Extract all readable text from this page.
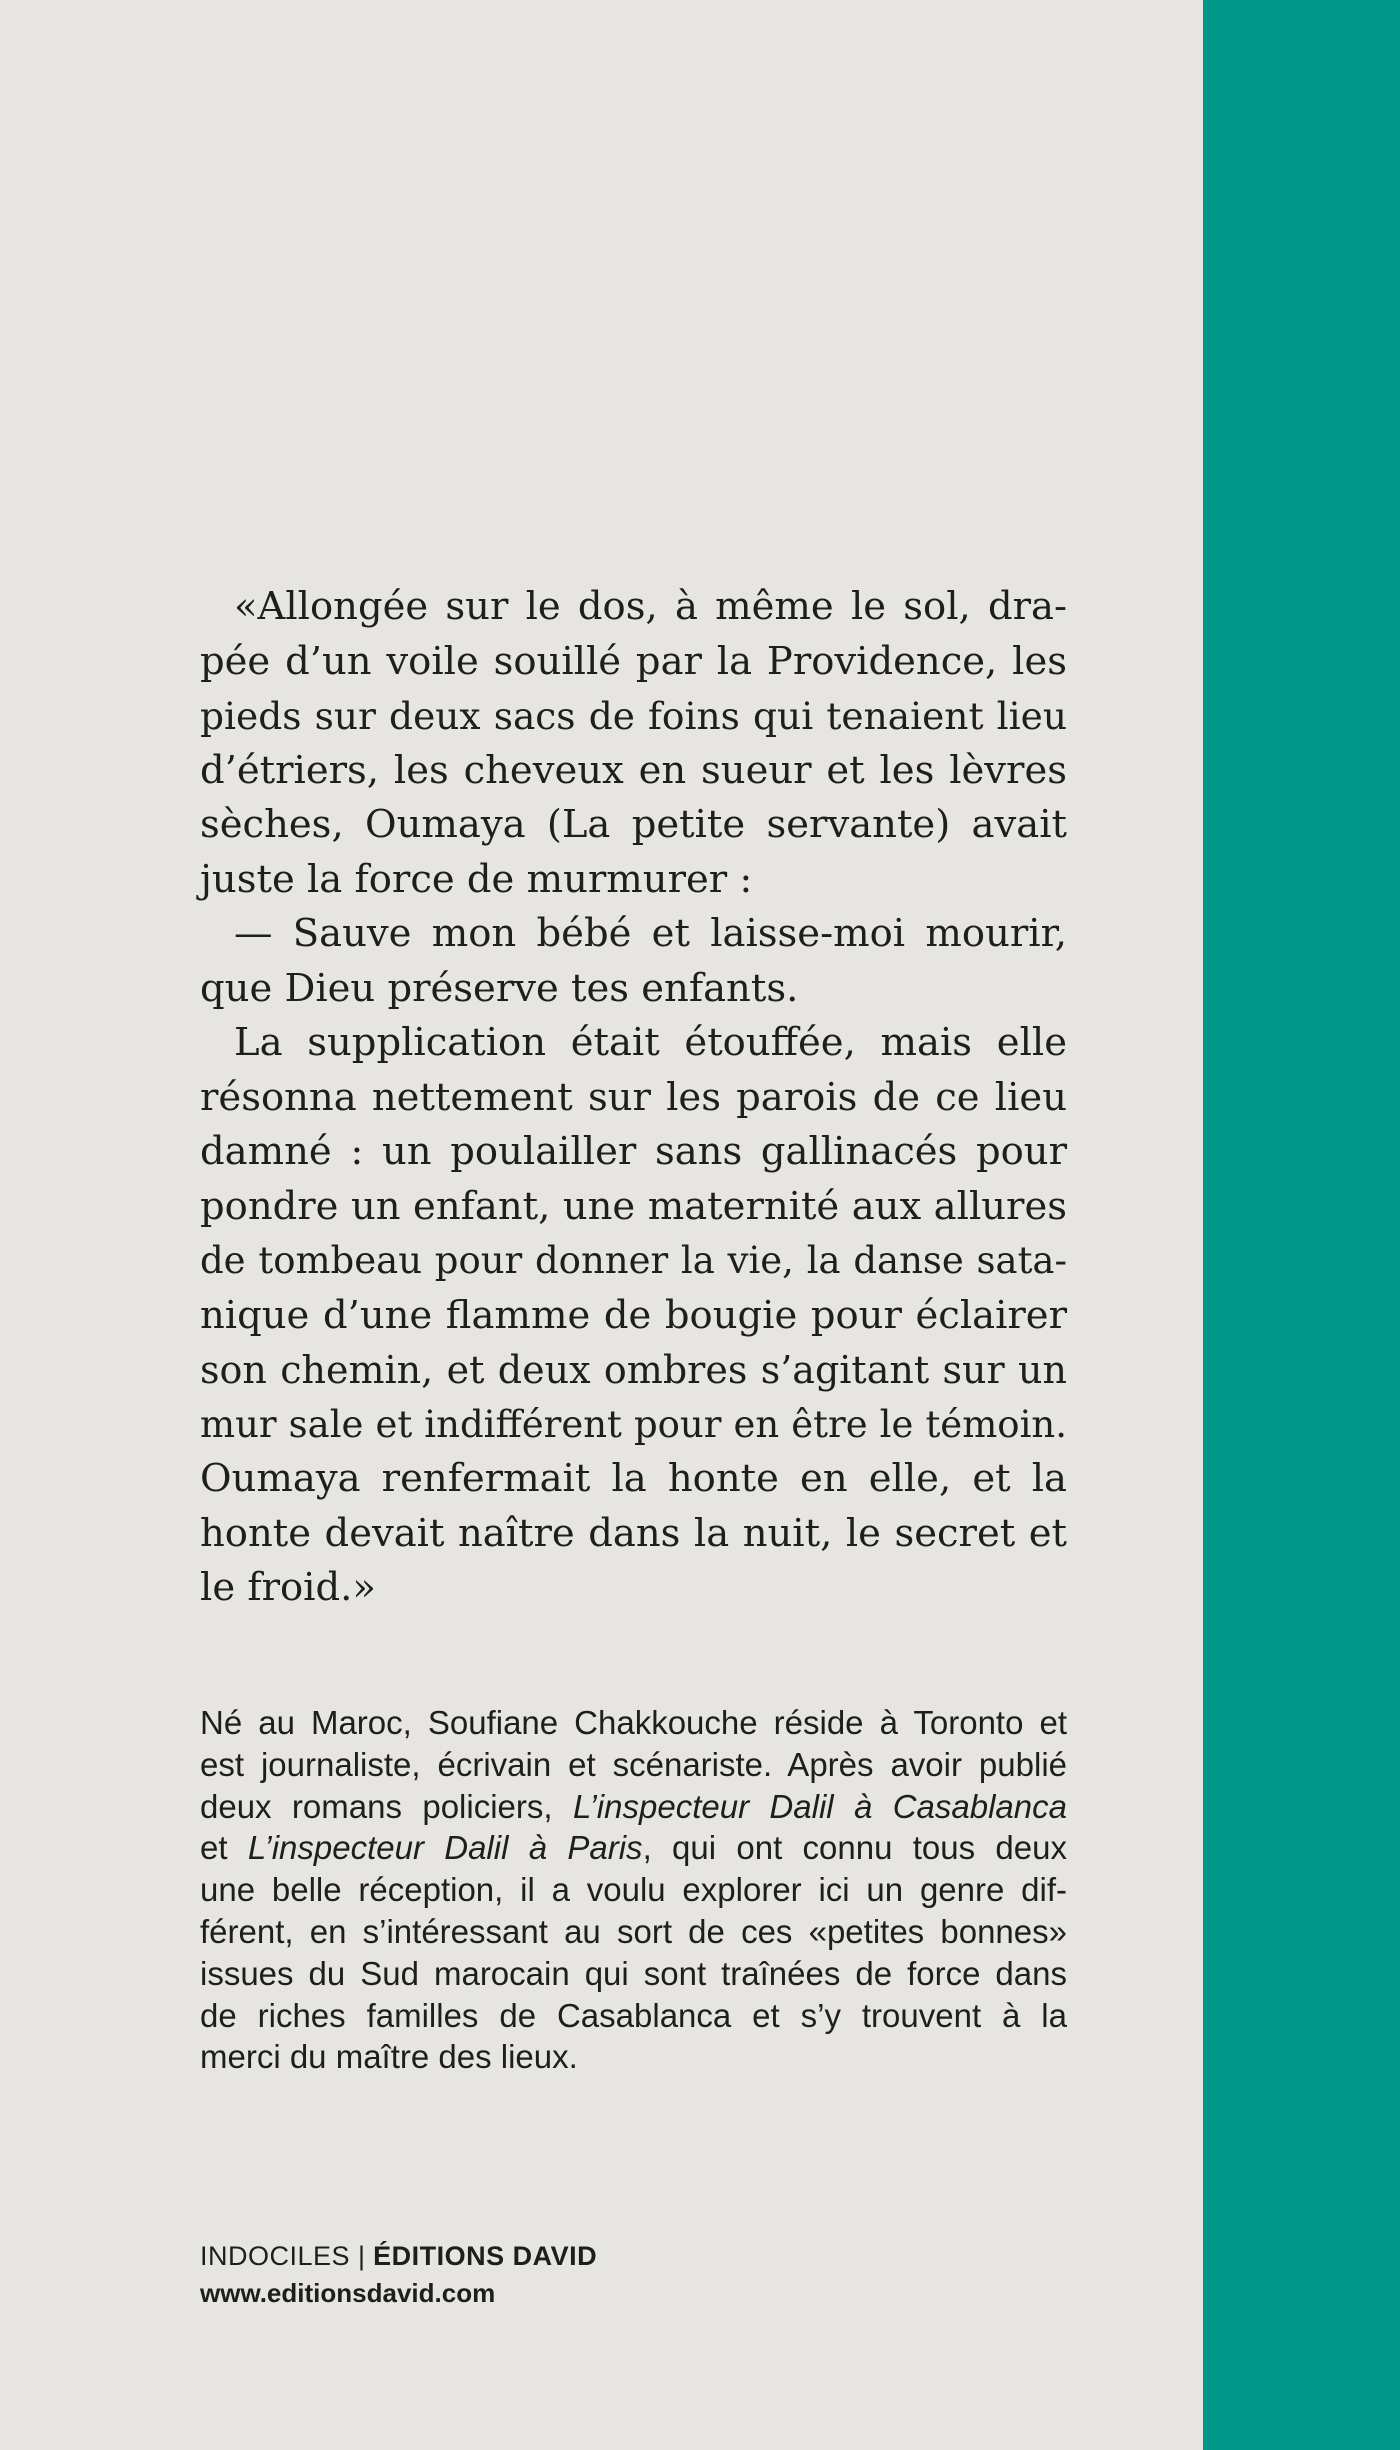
«Allongée sur le dos, à même le sol, dra-
pée d’un voile souillé par la Providence, les
pieds sur deux sacs de foins qui tenaient lieu
d’étriers, les cheveux en sueur et les lèvres
sèches, Oumaya (La petite servante) avait
juste la force de murmurer :
— Sauve mon bébé et laisse-moi mourir,
que Dieu préserve tes enfants.
La supplication était étouffée, mais elle
résonna nettement sur les parois de ce lieu
damné : un poulailler sans gallinacés pour
pondre un enfant, une maternité aux allures
de tombeau pour donner la vie, la danse sata-
nique d’une flamme de bougie pour éclairer
son chemin, et deux ombres s’agitant sur un
mur sale et indifférent pour en être le témoin.
Oumaya renfermait la honte en elle, et la
honte devait naître dans la nuit, le secret et
le froid.»
Né au Maroc, Soufiane Chakkouche réside à Toronto et
est journaliste, écrivain et scénariste. Après avoir publié
deux romans policiers, L’inspecteur Dalil à Casablanca
et L’inspecteur Dalil à Paris, qui ont connu tous deux
une belle réception, il a voulu explorer ici un genre dif-
férent, en s’intéressant au sort de ces «petites bonnes»
issues du Sud marocain qui sont traînées de force dans
de riches familles de Casablanca et s’y trouvent à la
merci du maître des lieux.
INDOCILES | ÉDITIONS DAVID
www.editionsdavid.com
